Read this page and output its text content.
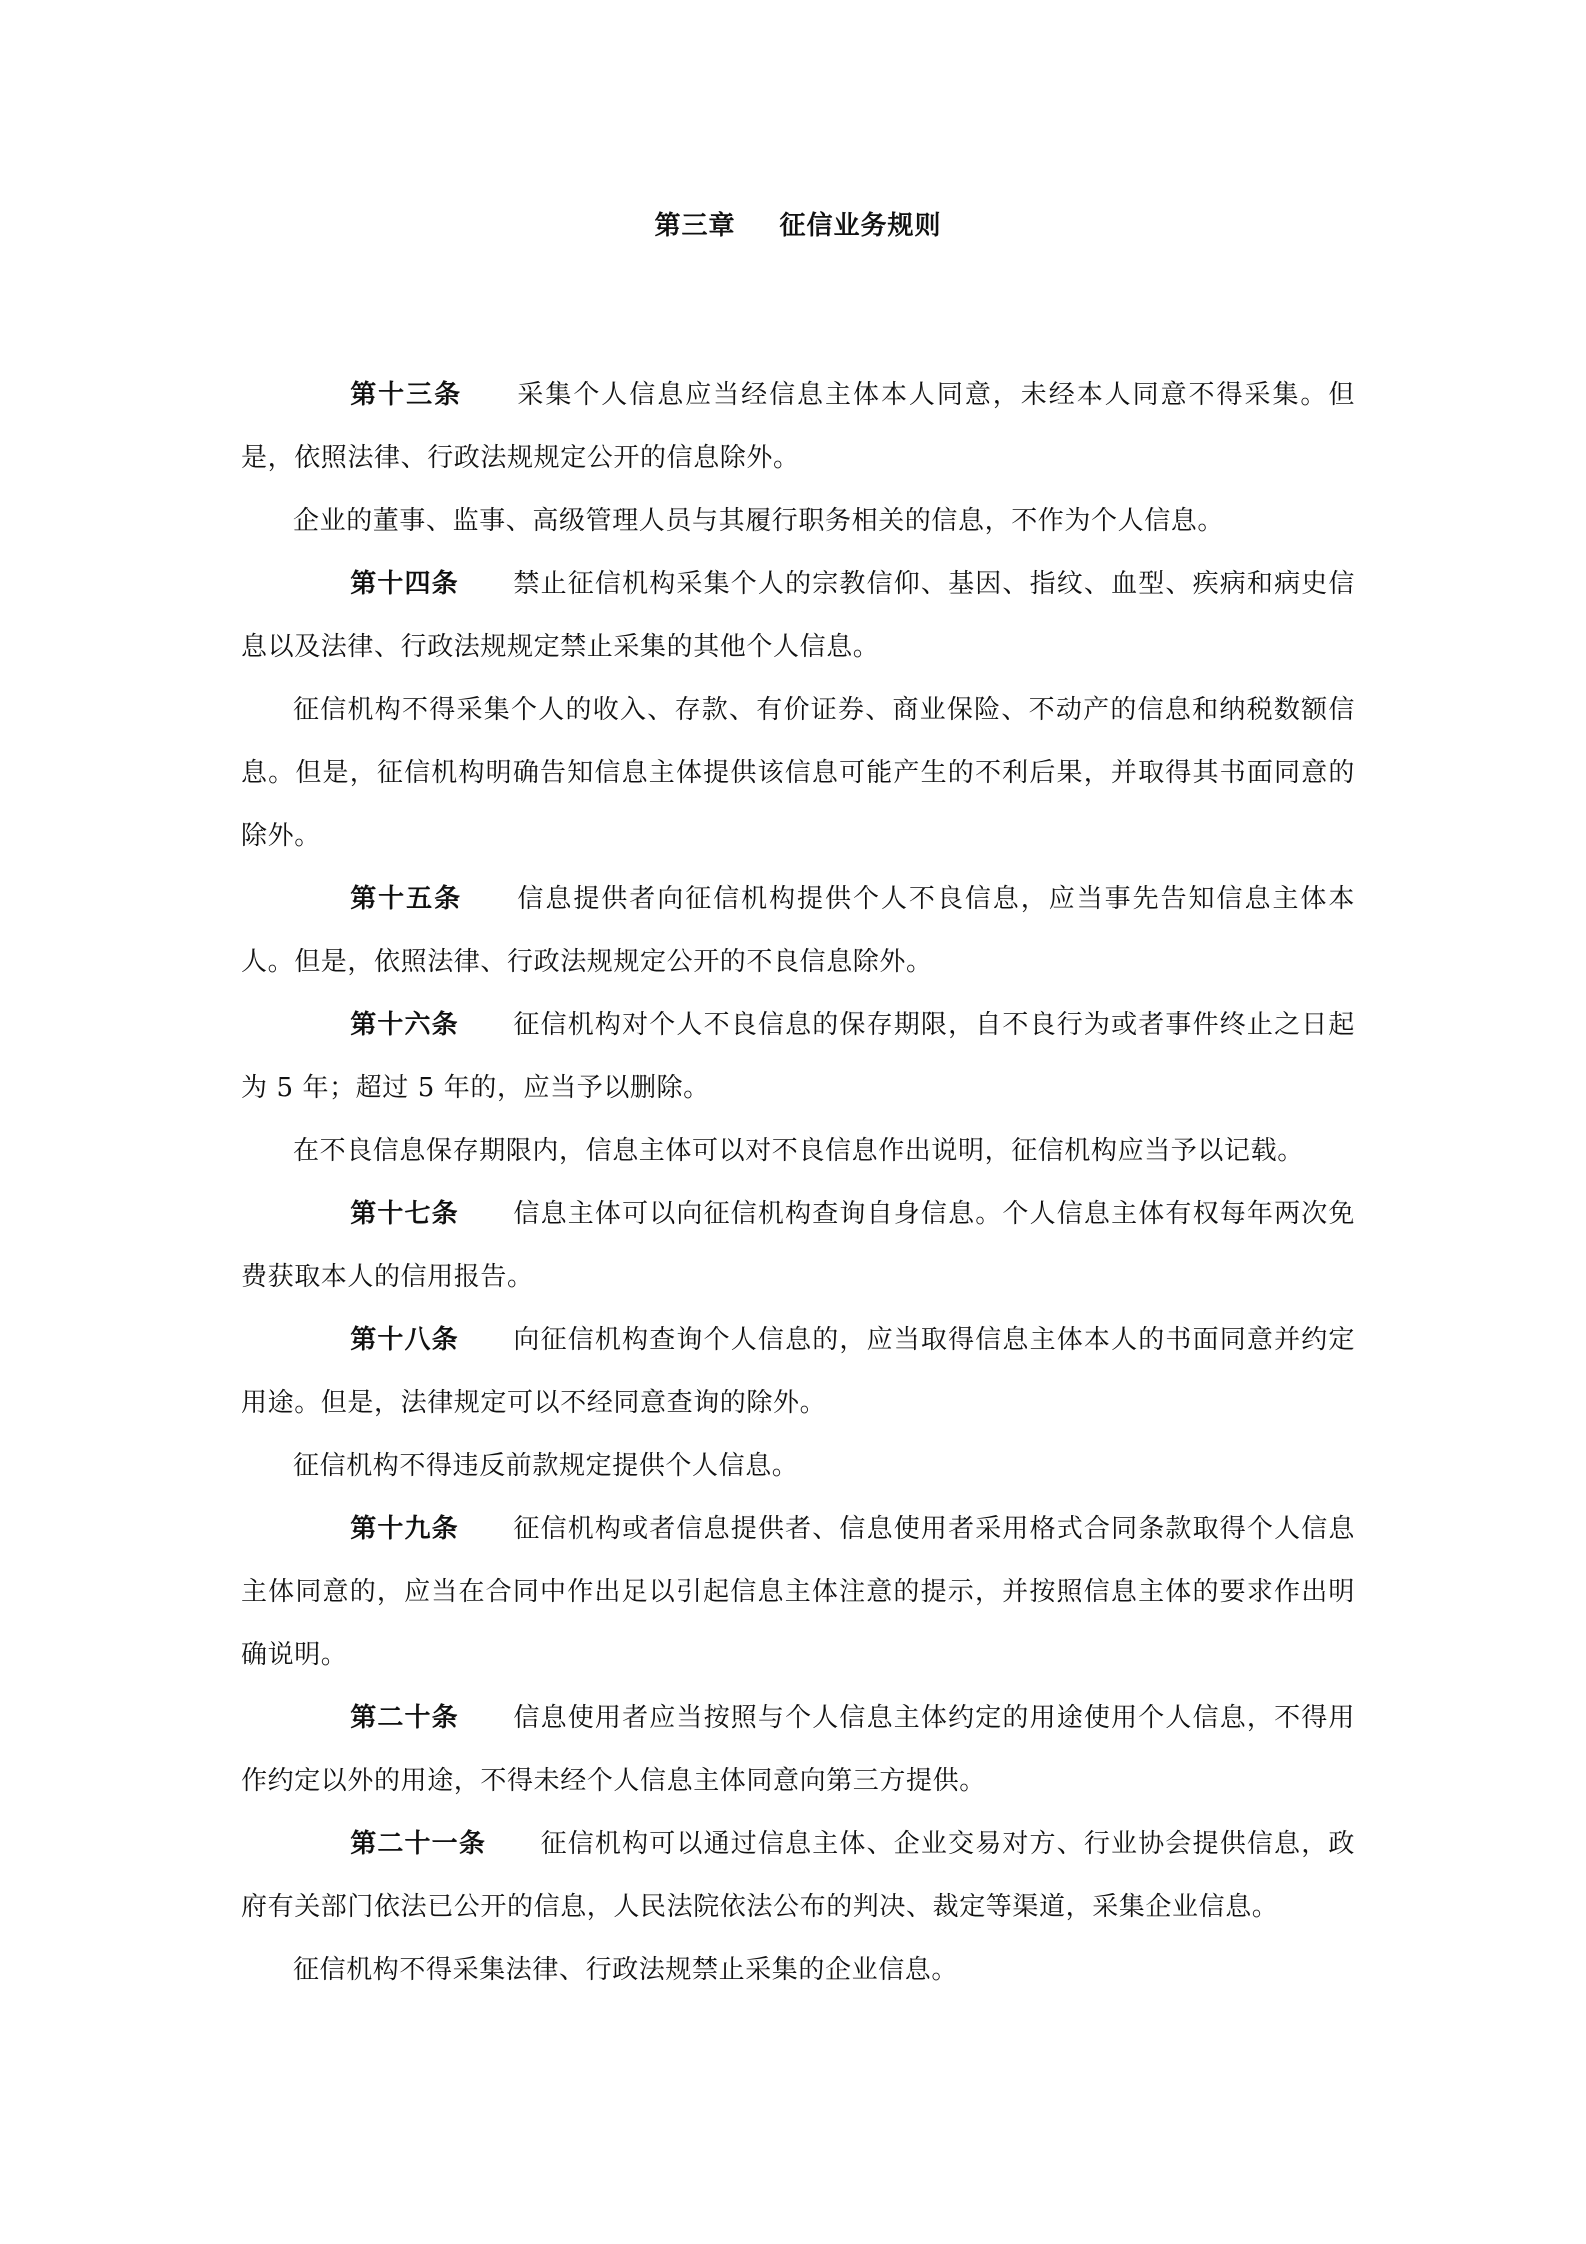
第三章 征信业务规则

第十三条 采集个人信息应当经信息主体本人同意，未经本人同意不得采集。但是，依照法律、行政法规规定公开的信息除外。

企业的董事、监事、高级管理人员与其履行职务相关的信息，不作为个人信息。

第十四条 禁止征信机构采集个人的宗教信仰、基因、指纹、血型、疾病和病史信息以及法律、行政法规规定禁止采集的其他个人信息。

征信机构不得采集个人的收入、存款、有价证券、商业保险、不动产的信息和纳税数额信息。但是，征信机构明确告知信息主体提供该信息可能产生的不利后果，并取得其书面同意的除外。

第十五条 信息提供者向征信机构提供个人不良信息，应当事先告知信息主体本人。但是，依照法律、行政法规规定公开的不良信息除外。

第十六条 征信机构对个人不良信息的保存期限，自不良行为或者事件终止之日起为 5 年；超过 5 年的，应当予以删除。

在不良信息保存期限内，信息主体可以对不良信息作出说明，征信机构应当予以记载。

第十七条 信息主体可以向征信机构查询自身信息。个人信息主体有权每年两次免费获取本人的信用报告。

第十八条 向征信机构查询个人信息的，应当取得信息主体本人的书面同意并约定用途。但是，法律规定可以不经同意查询的除外。

征信机构不得违反前款规定提供个人信息。

第十九条 征信机构或者信息提供者、信息使用者采用格式合同条款取得个人信息主体同意的，应当在合同中作出足以引起信息主体注意的提示，并按照信息主体的要求作出明确说明。

第二十条 信息使用者应当按照与个人信息主体约定的用途使用个人信息，不得用作约定以外的用途，不得未经个人信息主体同意向第三方提供。

第二十一条 征信机构可以通过信息主体、企业交易对方、行业协会提供信息，政府有关部门依法已公开的信息，人民法院依法公布的判决、裁定等渠道，采集企业信息。

征信机构不得采集法律、行政法规禁止采集的企业信息。
